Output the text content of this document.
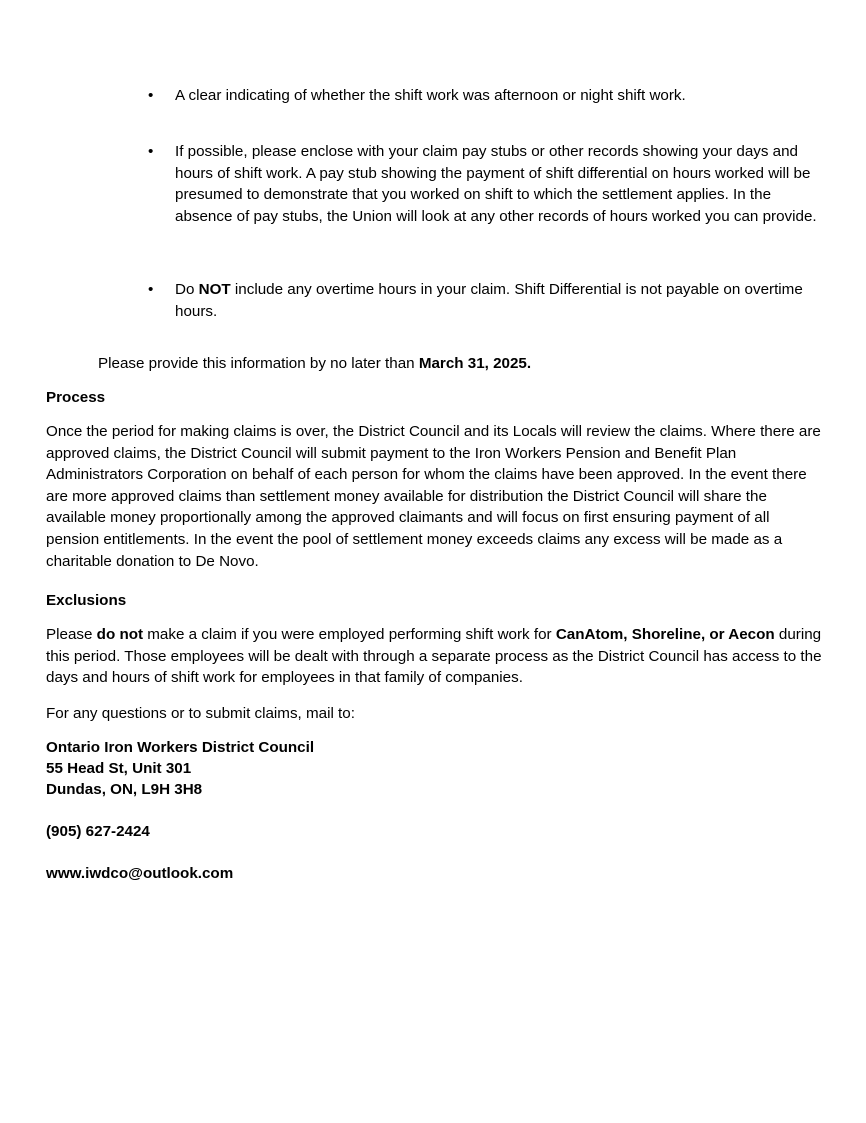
•	A clear indicating of whether the shift work was afternoon or night shift work.
•	If possible, please enclose with your claim pay stubs or other records showing your days and hours of shift work. A pay stub showing the payment of shift differential on hours worked will be presumed to demonstrate that you worked on shift to which the settlement applies. In the absence of pay stubs, the Union will look at any other records of hours worked you can provide.
•	Do NOT include any overtime hours in your claim. Shift Differential is not payable on overtime hours.

Please provide this information by no later than March 31, 2025.

Process

Once the period for making claims is over, the District Council and its Locals will review the claims. Where there are approved claims, the District Council will submit payment to the Iron Workers Pension and Benefit Plan Administrators Corporation on behalf of each person for whom the claims have been approved. In the event there are more approved claims than settlement money available for distribution the District Council will share the available money proportionally among the approved claimants and will focus on first ensuring payment of all pension entitlements. In the event the pool of settlement money exceeds claims any excess will be made as a charitable donation to De Novo.

Exclusions

Please do not make a claim if you were employed performing shift work for CanAtom, Shoreline, or Aecon during this period. Those employees will be dealt with through a separate process as the District Council has access to the days and hours of shift work for employees in that family of companies.

For any questions or to submit claims, mail to:

Ontario Iron Workers District Council

55 Head St, Unit 301

Dundas, ON, L9H 3H8

(905) 627-2424

www.iwdco@outlook.com
